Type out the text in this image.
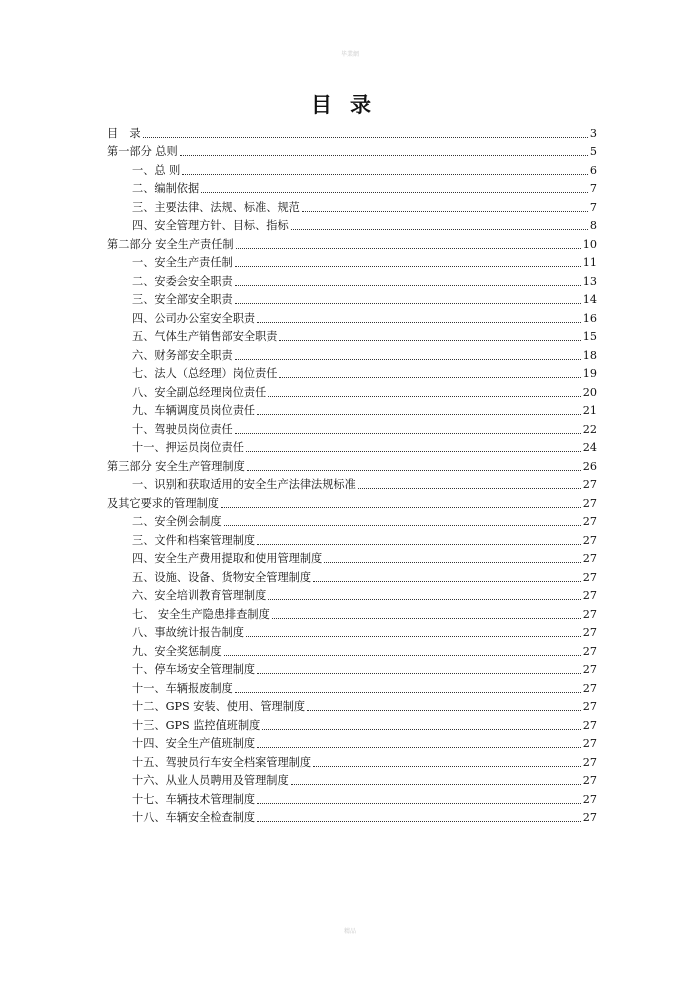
毕業網
目录
目　录	3
第一部分 总则	5
一、总 则	6
二、编制依据	7
三、主要法律、法规、标准、规范	7
四、安全管理方针、目标、指标	8
第二部分 安全生产责任制	10
一、安全生产责任制	11
二、安委会安全职责	13
三、安全部安全职责	14
四、公司办公室安全职责	16
五、气体生产销售部安全职责	15
六、财务部安全职责	18
七、法人（总经理）岗位责任	19
八、安全副总经理岗位责任	20
九、车辆调度员岗位责任	21
十、驾驶员岗位责任	22
十一、押运员岗位责任	24
第三部分 安全生产管理制度	26
一、识别和获取适用的安全生产法律法规标准	27
及其它要求的管理制度	27
二、安全例会制度	27
三、文件和档案管理制度	27
四、安全生产费用提取和使用管理制度	27
五、设施、设备、货物安全管理制度	27
六、安全培训教育管理制度	27
七、 安全生产隐患排查制度	27
八、事故统计报告制度	27
九、安全奖惩制度	27
十、停车场安全管理制度	27
十一、车辆报废制度	27
十二、GPS 安装、使用、管理制度	27
十三、GPS 监控值班制度	27
十四、安全生产值班制度	27
十五、驾驶员行车安全档案管理制度	27
十六、从业人员聘用及管理制度	27
十七、车辆技术管理制度	27
十八、车辆安全检查制度	27
精品
